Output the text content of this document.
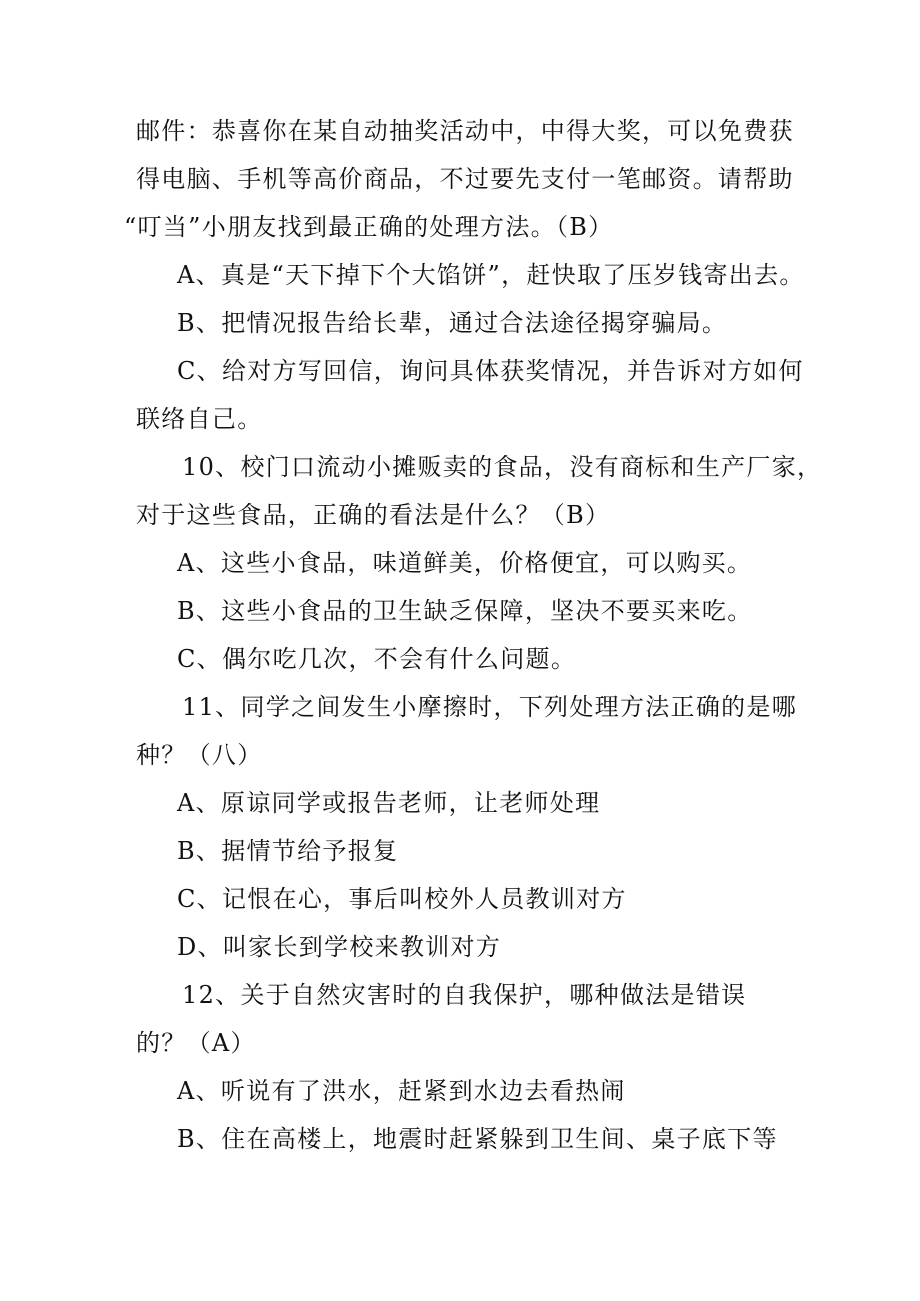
邮件：恭喜你在某自动抽奖活动中，中得大奖，可以免费获
得电脑、手机等高价商品，不过要先支付一笔邮资。请帮助
“叮当”小朋友找到最正确的处理方法。（B）
A、真是“天下掉下个大馅饼”，赶快取了压岁钱寄出去。
B、把情况报告给长辈，通过合法途径揭穿骗局。
C、给对方写回信，询问具体获奖情况，并告诉对方如何
联络自己。
10、校门口流动小摊贩卖的食品，没有商标和生产厂家，
对于这些食品，正确的看法是什么？（B）
A、这些小食品，味道鲜美，价格便宜，可以购买。
B、这些小食品的卫生缺乏保障，坚决不要买来吃。
C、偶尔吃几次，不会有什么问题。
11、同学之间发生小摩擦时，下列处理方法正确的是哪
种？（八）
A、原谅同学或报告老师，让老师处理
B、据情节给予报复
C、记恨在心，事后叫校外人员教训对方
D、叫家长到学校来教训对方
12、关于自然灾害时的自我保护，哪种做法是错误
的？（A）
A、听说有了洪水，赶紧到水边去看热闹
B、住在高楼上，地震时赶紧躲到卫生间、桌子底下等
